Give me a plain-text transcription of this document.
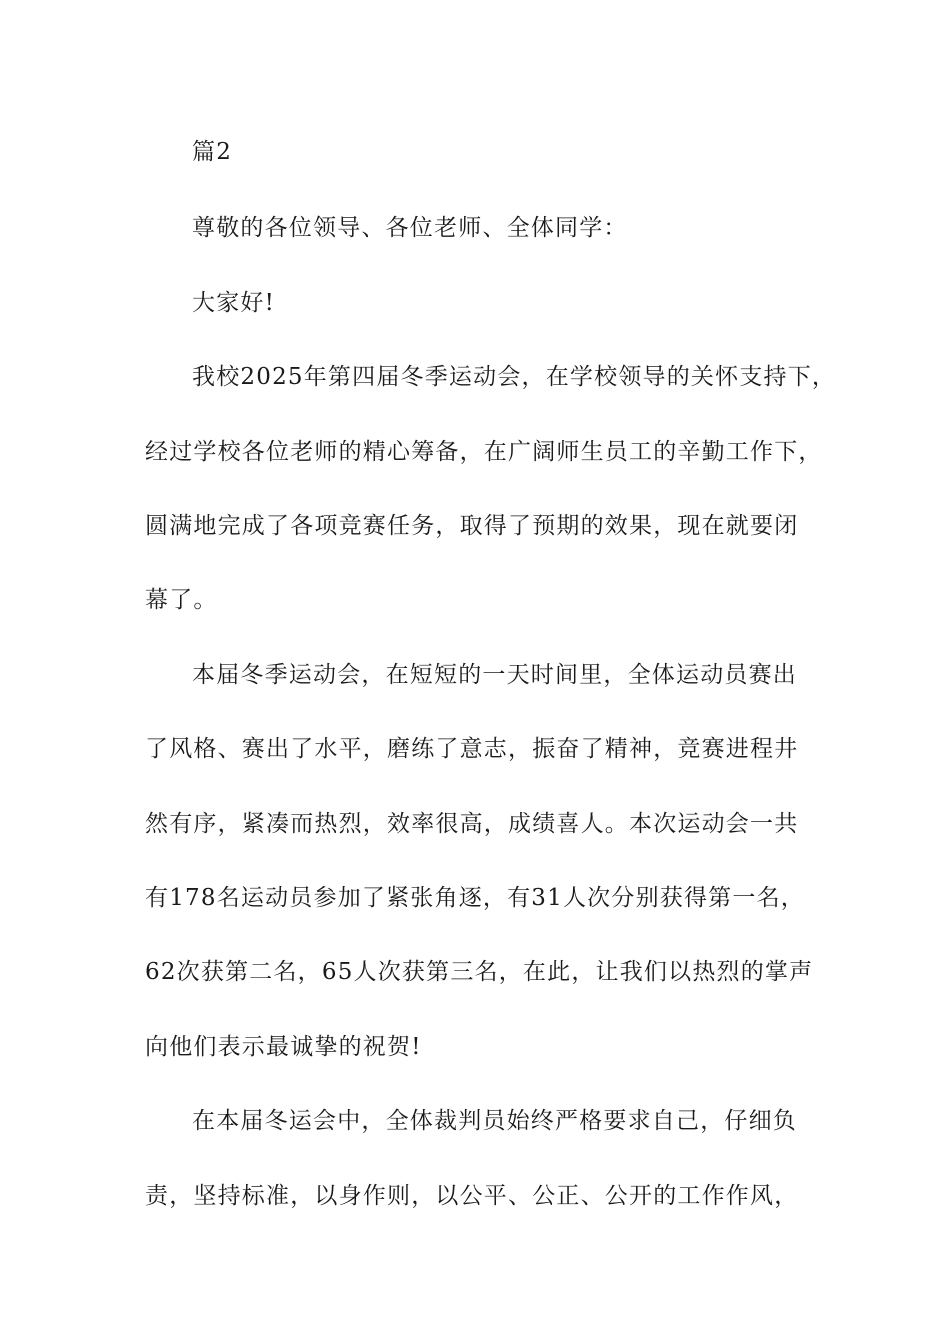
篇2
尊敬的各位领导、各位老师、全体同学：
大家好!
我校2025年第四届冬季运动会，在学校领导的关怀支持下，
经过学校各位老师的精心筹备，在广阔师生员工的辛勤工作下，
圆满地完成了各项竞赛任务，取得了预期的效果，现在就要闭
幕了。
本届冬季运动会，在短短的一天时间里，全体运动员赛出
了风格、赛出了水平，磨练了意志，振奋了精神，竞赛进程井
然有序，紧凑而热烈，效率很高，成绩喜人。本次运动会一共
有178名运动员参加了紧张角逐，有31人次分别获得第一名，
62次获第二名，65人次获第三名，在此，让我们以热烈的掌声
向他们表示最诚挚的祝贺!
在本届冬运会中，全体裁判员始终严格要求自己，仔细负
责，坚持标准，以身作则，以公平、公正、公开的工作作风，
